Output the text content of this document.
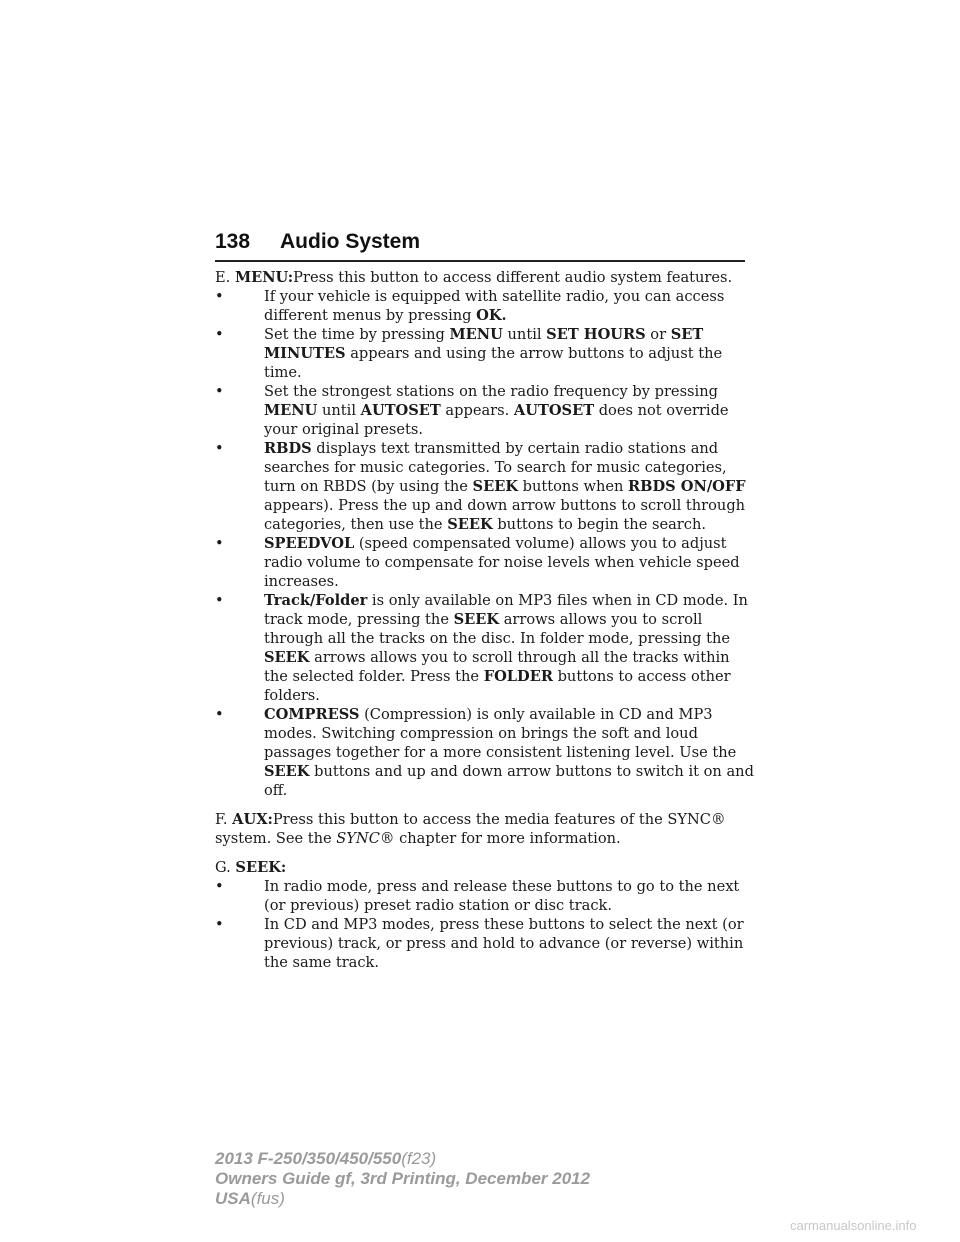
138 Audio System

E. MENU:Press this button to access different audio system features.

•	If your vehicle is equipped with satellite radio, you can access different menus by pressing OK.
•	Set the time by pressing MENU until SET HOURS or SET MINUTES appears and using the arrow buttons to adjust the time.
•	Set the strongest stations on the radio frequency by pressing MENU until AUTOSET appears. AUTOSET does not override your original presets.
•	RBDS displays text transmitted by certain radio stations and searches for music categories. To search for music categories, turn on RBDS (by using the SEEK buttons when RBDS ON/OFF appears). Press the up and down arrow buttons to scroll through categories, then use the SEEK buttons to begin the search.
•	SPEEDVOL (speed compensated volume) allows you to adjust radio volume to compensate for noise levels when vehicle speed increases.
•	Track/Folder is only available on MP3 files when in CD mode. In track mode, pressing the SEEK arrows allows you to scroll through all the tracks on the disc. In folder mode, pressing the SEEK arrows allows you to scroll through all the tracks within the selected folder. Press the FOLDER buttons to access other folders.
•	COMPRESS (Compression) is only available in CD and MP3 modes. Switching compression on brings the soft and loud passages together for a more consistent listening level. Use the SEEK buttons and up and down arrow buttons to switch it on and off.

F. AUX:Press this button to access the media features of the SYNC® system. See the SYNC® chapter for more information.

G. SEEK:

•	In radio mode, press and release these buttons to go to the next (or previous) preset radio station or disc track.
•	In CD and MP3 modes, press these buttons to select the next (or previous) track, or press and hold to advance (or reverse) within the same track.
2013 F-250/350/450/550(f23)
Owners Guide gf, 3rd Printing, December 2012
USA(fus)
carmanualsonline.info
